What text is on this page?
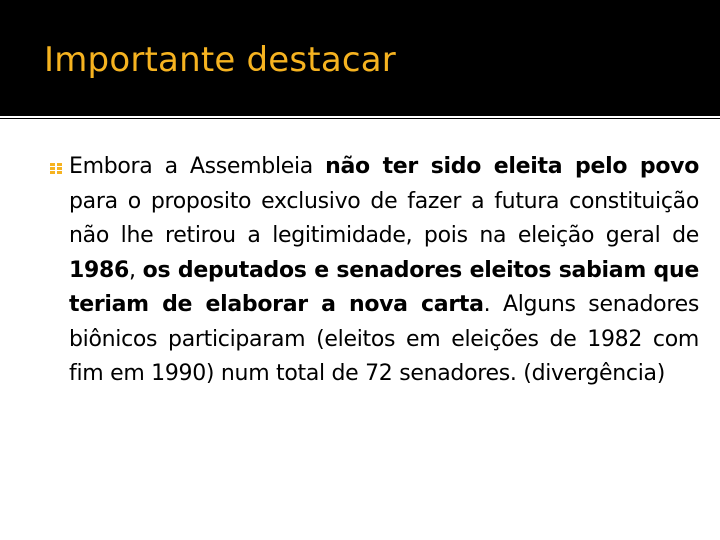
Importante destacar
Embora a Assembleia não ter sido eleita pelo povo para o proposito exclusivo de fazer a futura constituição não lhe retirou a legitimidade, pois na eleição geral de 1986, os deputados e senadores eleitos sabiam que teriam de elaborar a nova carta. Alguns senadores biônicos participaram (eleitos em eleições de 1982 com fim em 1990) num total de 72 senadores. (divergência)
